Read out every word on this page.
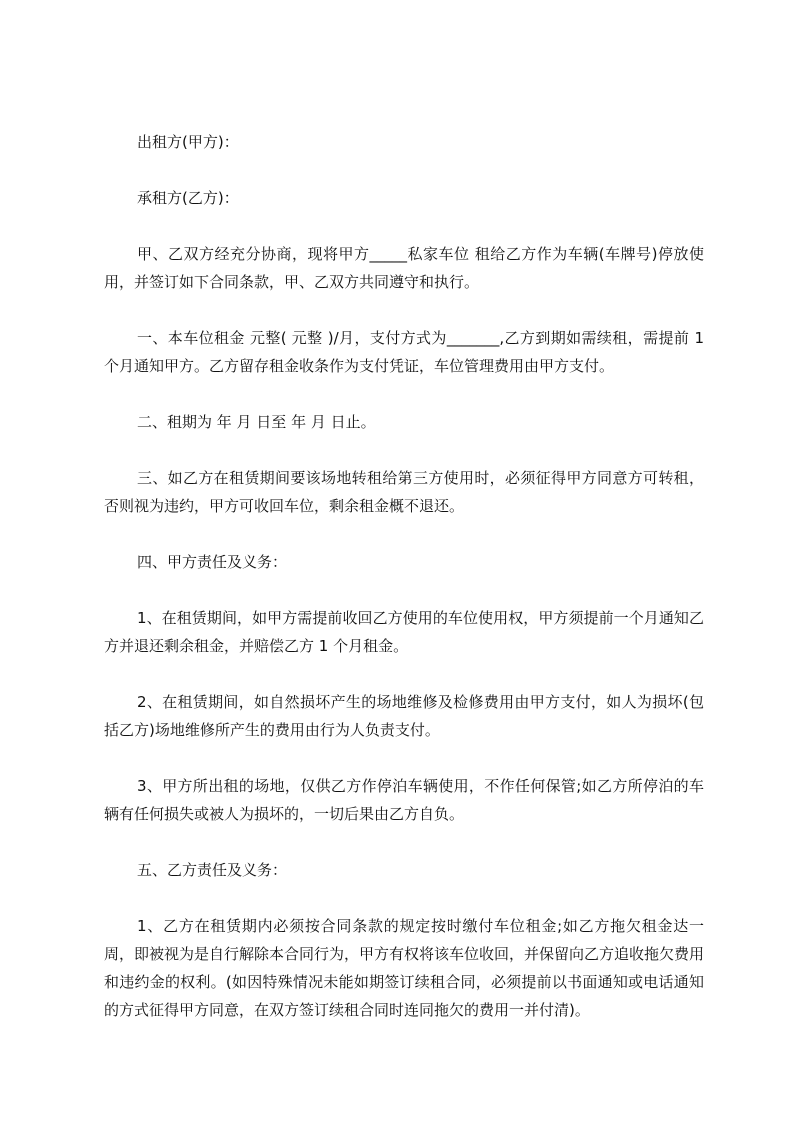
出租方(甲方)：

承租方(乙方)：

甲、乙双方经充分协商，现将甲方_____私家车位 租给乙方作为车辆(车牌号)停放使用，并签订如下合同条款，甲、乙双方共同遵守和执行。

一、本车位租金 元整( 元整 )/月，支付方式为_______,乙方到期如需续租，需提前 1 个月通知甲方。乙方留存租金收条作为支付凭证，车位管理费用由甲方支付。

二、租期为 年 月 日至 年 月 日止。

三、如乙方在租赁期间要该场地转租给第三方使用时，必须征得甲方同意方可转租，否则视为违约，甲方可收回车位，剩余租金概不退还。

四、甲方责任及义务：

1、在租赁期间，如甲方需提前收回乙方使用的车位使用权，甲方须提前一个月通知乙方并退还剩余租金，并赔偿乙方 1 个月租金。

2、在租赁期间，如自然损坏产生的场地维修及检修费用由甲方支付，如人为损坏(包括乙方)场地维修所产生的费用由行为人负责支付。

3、甲方所出租的场地，仅供乙方作停泊车辆使用，不作任何保管;如乙方所停泊的车辆有任何损失或被人为损坏的，一切后果由乙方自负。

五、乙方责任及义务：

1、乙方在租赁期内必须按合同条款的规定按时缴付车位租金;如乙方拖欠租金达一周，即被视为是自行解除本合同行为，甲方有权将该车位收回，并保留向乙方追收拖欠费用和违约金的权利。(如因特殊情况未能如期签订续租合同，必须提前以书面通知或电话通知的方式征得甲方同意，在双方签订续租合同时连同拖欠的费用一并付清)。
